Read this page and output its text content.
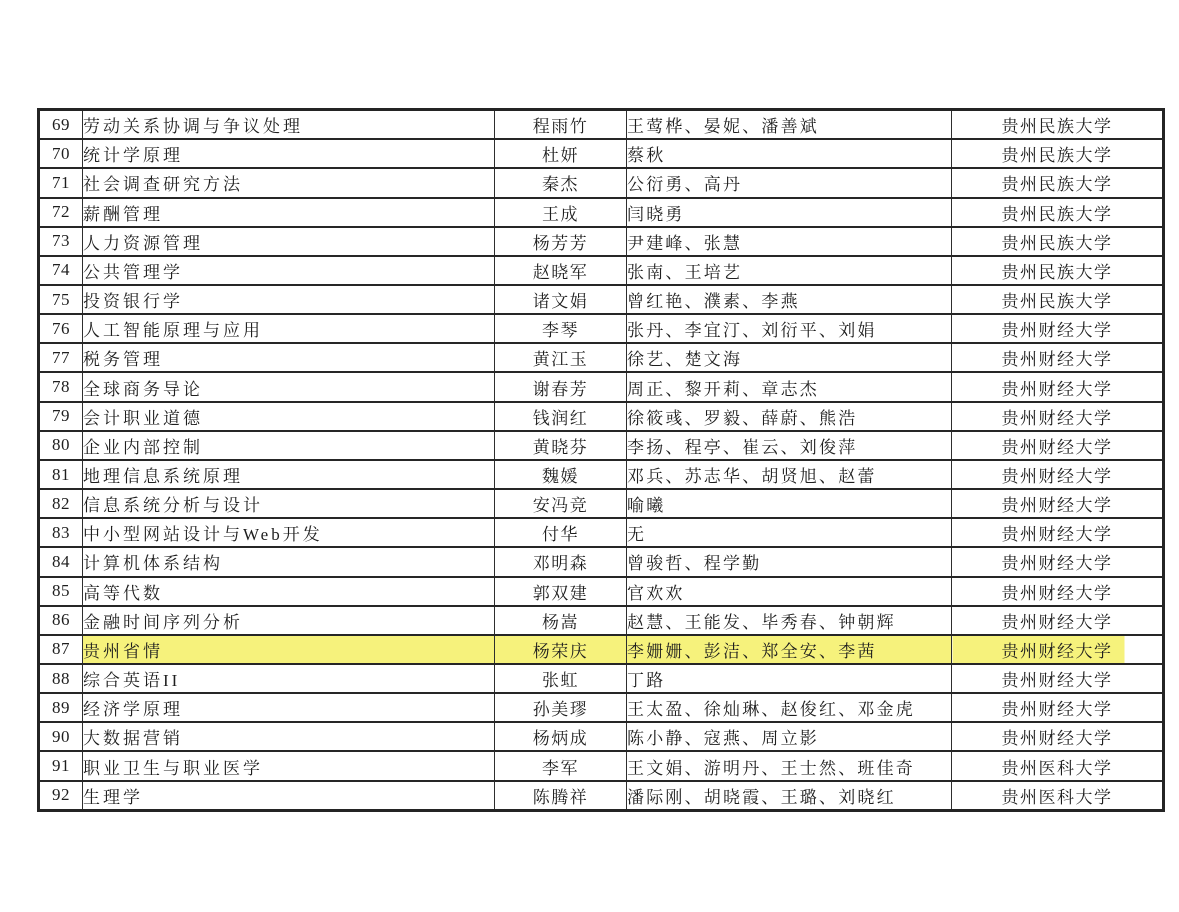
69	劳动关系协调与争议处理	程雨竹	王莺桦、晏妮、潘善斌	贵州民族大学
70	统计学原理	杜妍	蔡秋	贵州民族大学
71	社会调查研究方法	秦杰	公衍勇、高丹	贵州民族大学
72	薪酬管理	王成	闫晓勇	贵州民族大学
73	人力资源管理	杨芳芳	尹建峰、张慧	贵州民族大学
74	公共管理学	赵晓军	张南、王培艺	贵州民族大学
75	投资银行学	诸文娟	曾红艳、濮素、李燕	贵州民族大学
76	人工智能原理与应用	李琴	张丹、李宜汀、刘衍平、刘娟	贵州财经大学
77	税务管理	黄江玉	徐艺、楚文海	贵州财经大学
78	全球商务导论	谢春芳	周正、黎开莉、章志杰	贵州财经大学
79	会计职业道德	钱润红	徐筱彧、罗毅、薛蔚、熊浩	贵州财经大学
80	企业内部控制	黄晓芬	李扬、程亭、崔云、刘俊萍	贵州财经大学
81	地理信息系统原理	魏媛	邓兵、苏志华、胡贤旭、赵蕾	贵州财经大学
82	信息系统分析与设计	安冯竞	喻曦	贵州财经大学
83	中小型网站设计与Web开发	付华	无	贵州财经大学
84	计算机体系结构	邓明森	曾骏哲、程学勤	贵州财经大学
85	高等代数	郭双建	官欢欢	贵州财经大学
86	金融时间序列分析	杨嵩	赵慧、王能发、毕秀春、钟朝辉	贵州财经大学
87	贵州省情	杨荣庆	李姗姗、彭洁、郑全安、李茜	贵州财经大学
88	综合英语II	张虹	丁路	贵州财经大学
89	经济学原理	孙美璆	王太盈、徐灿琳、赵俊红、邓金虎	贵州财经大学
90	大数据营销	杨炳成	陈小静、寇燕、周立影	贵州财经大学
91	职业卫生与职业医学	李军	王文娟、游明丹、王士然、班佳奇	贵州医科大学
92	生理学	陈腾祥	潘际刚、胡晓霞、王璐、刘晓红	贵州医科大学
